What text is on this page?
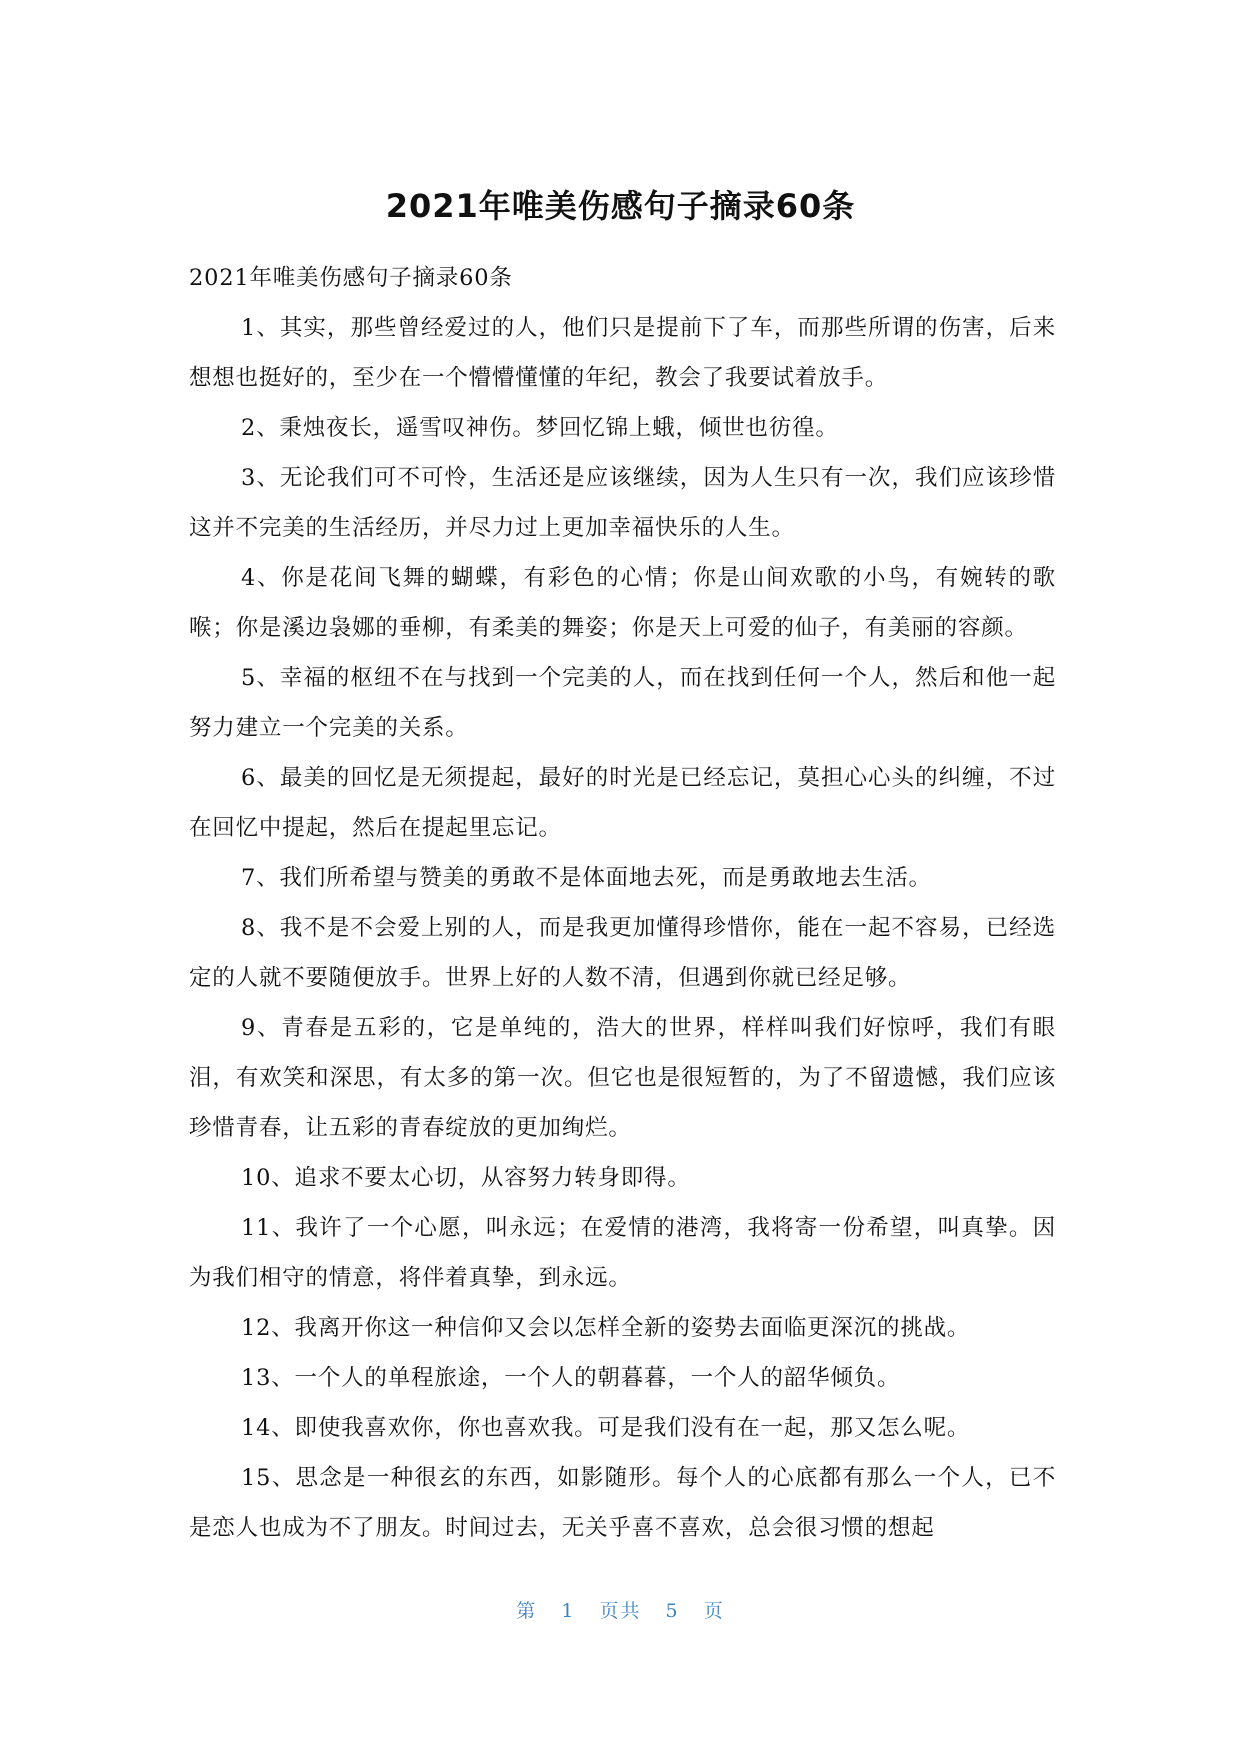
2021年唯美伤感句子摘录60条

2021年唯美伤感句子摘录60条

1、其实，那些曾经爱过的人，他们只是提前下了车，而那些所谓的伤害，后来想想也挺好的，至少在一个懵懵懂懂的年纪，教会了我要试着放手。

2、秉烛夜长，遥雪叹神伤。梦回忆锦上蛾，倾世也彷徨。

3、无论我们可不可怜，生活还是应该继续，因为人生只有一次，我们应该珍惜这并不完美的生活经历，并尽力过上更加幸福快乐的人生。

4、你是花间飞舞的蝴蝶，有彩色的心情；你是山间欢歌的小鸟，有婉转的歌喉；你是溪边袅娜的垂柳，有柔美的舞姿；你是天上可爱的仙子，有美丽的容颜。

5、幸福的枢纽不在与找到一个完美的人，而在找到任何一个人，然后和他一起努力建立一个完美的关系。

6、最美的回忆是无须提起，最好的时光是已经忘记，莫担心心头的纠缠，不过在回忆中提起，然后在提起里忘记。

7、我们所希望与赞美的勇敢不是体面地去死，而是勇敢地去生活。

8、我不是不会爱上别的人，而是我更加懂得珍惜你，能在一起不容易，已经选定的人就不要随便放手。世界上好的人数不清，但遇到你就已经足够。

9、青春是五彩的，它是单纯的，浩大的世界，样样叫我们好惊呼，我们有眼泪，有欢笑和深思，有太多的第一次。但它也是很短暂的，为了不留遗憾，我们应该珍惜青春，让五彩的青春绽放的更加绚烂。

10、追求不要太心切，从容努力转身即得。

11、我许了一个心愿，叫永远；在爱情的港湾，我将寄一份希望，叫真挚。因为我们相守的情意，将伴着真挚，到永远。

12、我离开你这一种信仰又会以怎样全新的姿势去面临更深沉的挑战。

13、一个人的单程旅途，一个人的朝暮暮，一个人的韶华倾负。

14、即使我喜欢你，你也喜欢我。可是我们没有在一起，那又怎么呢。

15、思念是一种很玄的东西，如影随形。每个人的心底都有那么一个人，已不是恋人也成为不了朋友。时间过去，无关乎喜不喜欢，总会很习惯的想起

第 1 页共 5 页
